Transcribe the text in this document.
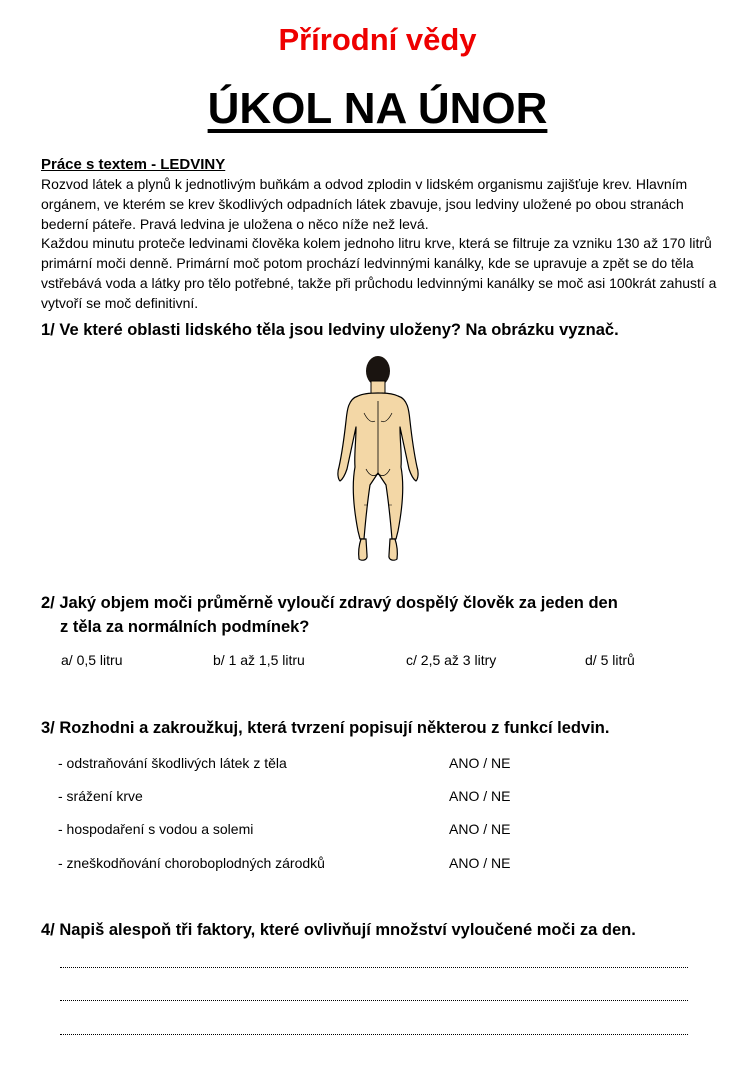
Přírodní vědy
ÚKOL NA ÚNOR
Práce s textem - LEDVINY

Rozvod látek a plynů k jednotlivým buňkám a odvod zplodin v lidském organismu zajišťuje krev. Hlavním orgánem, ve kterém se krev škodlivých odpadních látek zbavuje, jsou ledviny uložené po obou stranách bederní páteře. Pravá ledvina je uložena o něco níže než levá.

Každou minutu proteče ledvinami člověka kolem jednoho litru krve, která se filtruje za vzniku 130 až 170 litrů primární moči denně. Primární moč potom prochází ledvinnými kanálky, kde se upravuje a zpět se do těla vstřebává voda a látky pro tělo potřebné, takže při průchodu ledvinnými kanálky se moč asi 100krát zahustí a vytvoří se moč definitivní.

1/ Ve které oblasti lidského těla jsou ledviny uloženy? Na obrázku vyznač.
2/ Jaký objem moči průměrně vyloučí zdravý dospělý člověk za jeden den
z těla za normálních podmínek?
a/ 0,5 litru	b/ 1 až 1,5 litru	c/ 2,5 až 3 litry	d/ 5 litrů
3/ Rozhodni a zakroužkuj, která tvrzení popisují některou z funkcí ledvin.
- odstraňování škodlivých látek z těla	ANO / NE
- srážení krve	ANO / NE
- hospodaření s vodou a solemi	ANO / NE
- zneškodňování choroboplodných zárodků	ANO / NE
4/ Napiš alespoň tři faktory, které ovlivňují množství vyloučené moči za den.
